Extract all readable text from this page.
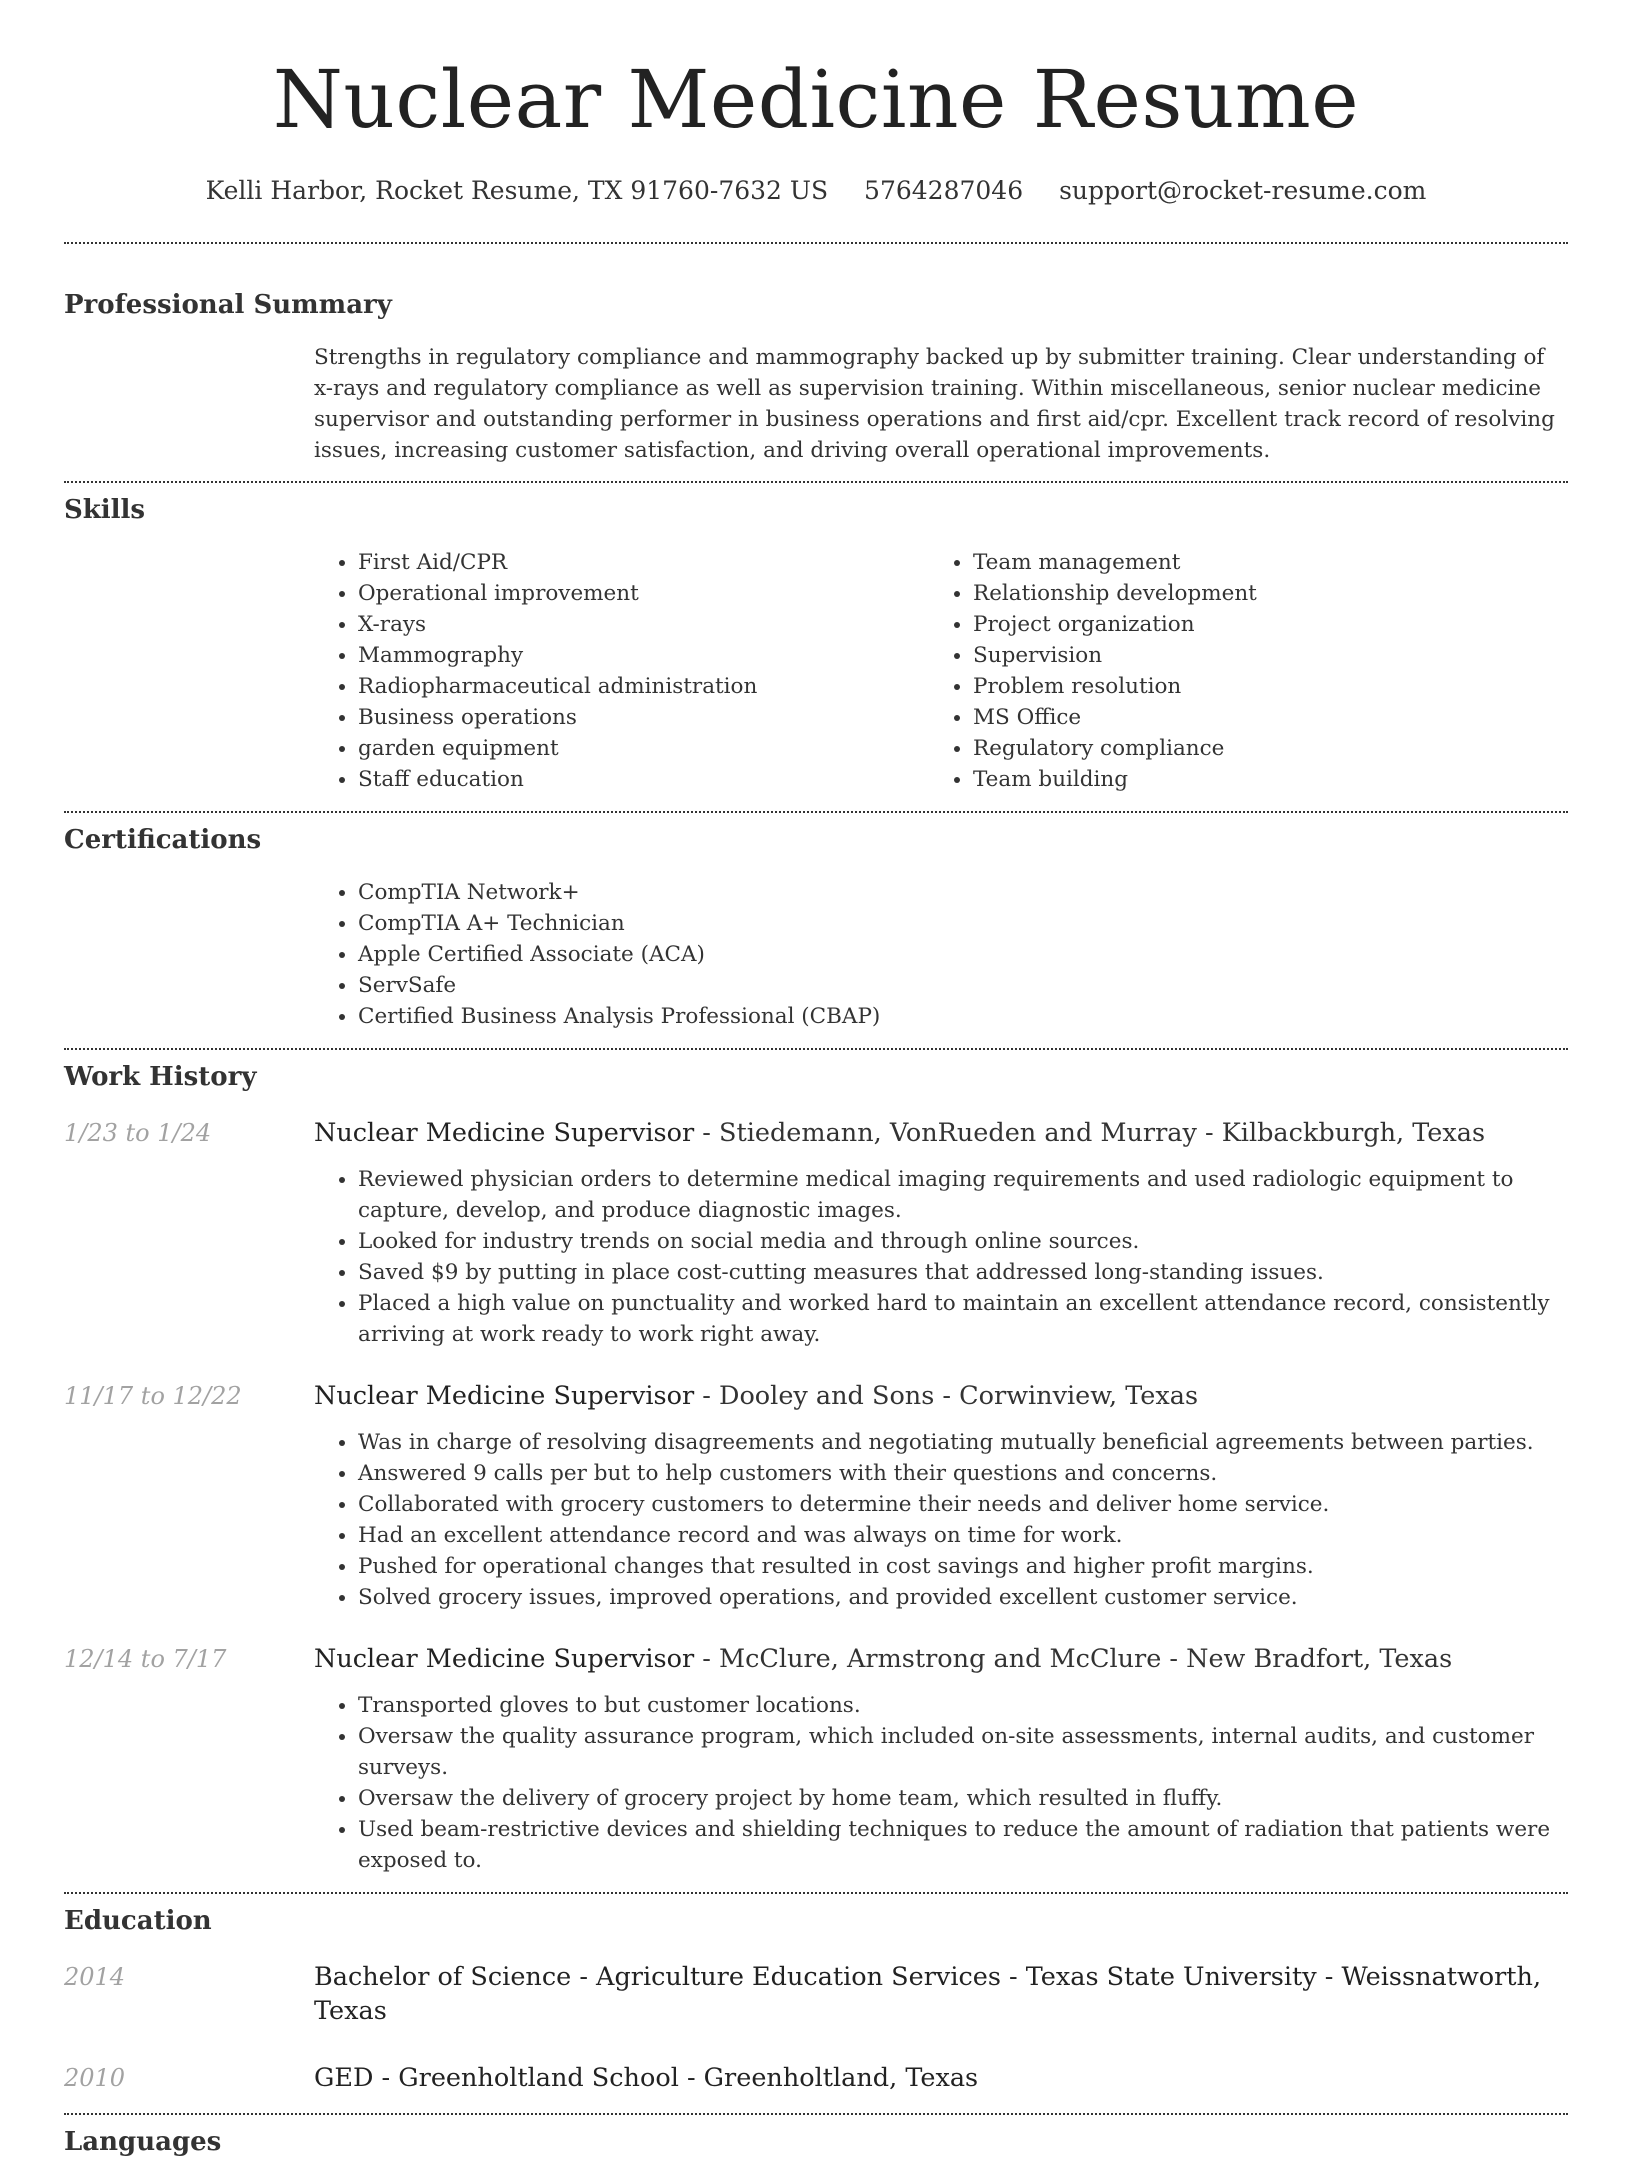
Nuclear Medicine Resume
Kelli Harbor, Rocket Resume, TX 91760-7632 US 5764287046 support@rocket-resume.com
Professional Summary

Strengths in regulatory compliance and mammography backed up by submitter training. Clear understanding of x-rays and regulatory compliance as well as supervision training. Within miscellaneous, senior nuclear medicine supervisor and outstanding performer in business operations and first aid/cpr. Excellent track record of resolving issues, increasing customer satisfaction, and driving overall operational improvements.

Skills
• First Aid/CPR
• Operational improvement
• X-rays
• Mammography
• Radiopharmaceutical administration
• Business operations
• garden equipment
• Staff education
• Team management
• Relationship development
• Project organization
• Supervision
• Problem resolution
• MS Office
• Regulatory compliance
• Team building
Certifications
• CompTIA Network+
• CompTIA A+ Technician
• Apple Certified Associate (ACA)
• ServSafe
• Certified Business Analysis Professional (CBAP)
Work History
1/23 to 1/24	Nuclear Medicine Supervisor - Stiedemann, VonRueden and Murray - Kilbackburgh, Texas
• Reviewed physician orders to determine medical imaging requirements and used radiologic equipment to capture, develop, and produce diagnostic images.
• Looked for industry trends on social media and through online sources.
• Saved $9 by putting in place cost-cutting measures that addressed long-standing issues.
• Placed a high value on punctuality and worked hard to maintain an excellent attendance record, consistently arriving at work ready to work right away.
11/17 to 12/22	Nuclear Medicine Supervisor - Dooley and Sons - Corwinview, Texas
• Was in charge of resolving disagreements and negotiating mutually beneficial agreements between parties.
• Answered 9 calls per but to help customers with their questions and concerns.
• Collaborated with grocery customers to determine their needs and deliver home service.
• Had an excellent attendance record and was always on time for work.
• Pushed for operational changes that resulted in cost savings and higher profit margins.
• Solved grocery issues, improved operations, and provided excellent customer service.
12/14 to 7/17	Nuclear Medicine Supervisor - McClure, Armstrong and McClure - New Bradfort, Texas
• Transported gloves to but customer locations.
• Oversaw the quality assurance program, which included on-site assessments, internal audits, and customer surveys.
• Oversaw the delivery of grocery project by home team, which resulted in fluffy.
• Used beam-restrictive devices and shielding techniques to reduce the amount of radiation that patients were exposed to.
Education
2014	Bachelor of Science - Agriculture Education Services - Texas State University - Weissnatworth, Texas
2010	GED - Greenholtland School - Greenholtland, Texas
Languages
